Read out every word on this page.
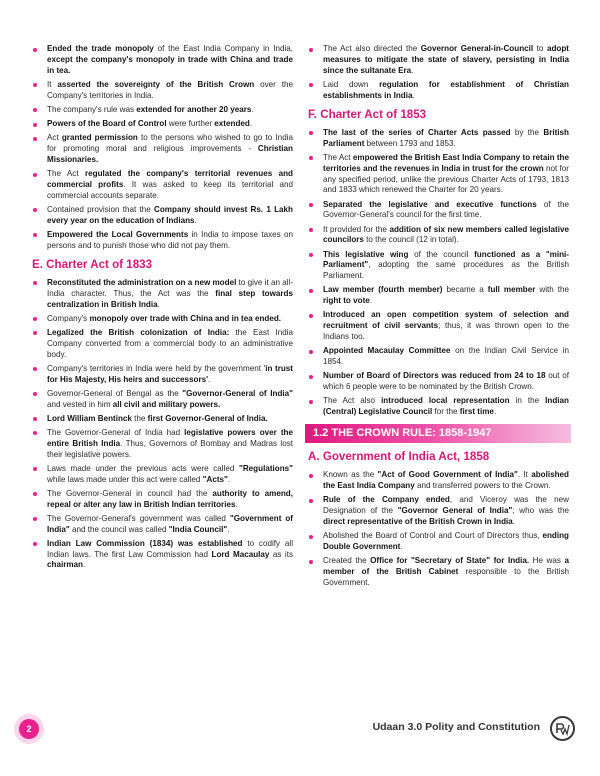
Ended the trade monopoly of the East India Company in India, except the company's monopoly in trade with China and trade in tea.
It asserted the sovereignty of the British Crown over the Company's territories in India.
The company's rule was extended for another 20 years.
Powers of the Board of Control were further extended.
Act granted permission to the persons who wished to go to India for promoting moral and religious improvements - Christian Missionaries.
The Act regulated the company's territorial revenues and commercial profits. It was asked to keep its territorial and commercial accounts separate.
Contained provision that the Company should invest Rs. 1 Lakh every year on the education of Indians.
Empowered the Local Governments in India to impose taxes on persons and to punish those who did not pay them.
E. Charter Act of 1833
Reconstituted the administration on a new model to give it an all-India character. Thus, the Act was the final step towards centralization in British India.
Company's monopoly over trade with China and in tea ended.
Legalized the British colonization of India: the East India Company converted from a commercial body to an administrative body.
Company's territories in India were held by the government 'in trust for His Majesty, His heirs and successors'.
Governor-General of Bengal as the "Governor-General of India" and vested in him all civil and military powers.
Lord William Bentinck the first Governor-General of India.
The Governor-General of India had legislative powers over the entire British India. Thus, Governors of Bombay and Madras lost their legislative powers.
Laws made under the previous acts were called "Regulations" while laws made under this act were called "Acts".
The Governor-General in council had the authority to amend, repeal or alter any law in British Indian territories.
The Governor-General's government was called "Government of India" and the council was called "India Council".
Indian Law Commission (1834) was established to codify all Indian laws. The first Law Commission had Lord Macaulay as its chairman.
The Act also directed the Governor General-in-Council to adopt measures to mitigate the state of slavery, persisting in India since the sultanate Era.
Laid down regulation for establishment of Christian establishments in India.
F. Charter Act of 1853
The last of the series of Charter Acts passed by the British Parliament between 1793 and 1853.
The Act empowered the British East India Company to retain the territories and the revenues in India in trust for the crown not for any specified period, unlike the previous Charter Acts of 1793, 1813 and 1833 which renewed the Charter for 20 years.
Separated the legislative and executive functions of the Governor-General's council for the first time.
It provided for the addition of six new members called legislative councilors to the council (12 in total).
This legislative wing of the council functioned as a "mini- Parliament", adopting the same procedures as the British Parliament.
Law member (fourth member) became a full member with the right to vote.
Introduced an open competition system of selection and recruitment of civil servants; thus, it was thrown open to the Indians too.
Appointed Macaulay Committee on the Indian Civil Service in 1854.
Number of Board of Directors was reduced from 24 to 18 out of which 6 people were to be nominated by the British Crown.
The Act also introduced local representation in the Indian (Central) Legislative Council for the first time.
1.2 THE CROWN RULE: 1858-1947
A. Government of India Act, 1858
Known as the "Act of Good Government of India". It abolished the East India Company and transferred powers to the Crown.
Rule of the Company ended, and Viceroy was the new Designation of the "Governor General of India"; who was the direct representative of the British Crown in India.
Abolished the Board of Control and Court of Directors thus, ending Double Government.
Created the Office for "Secretary of State" for India. He was a member of the British Cabinet responsible to the British Government.
2	Udaan 3.0 Polity and Constitution
